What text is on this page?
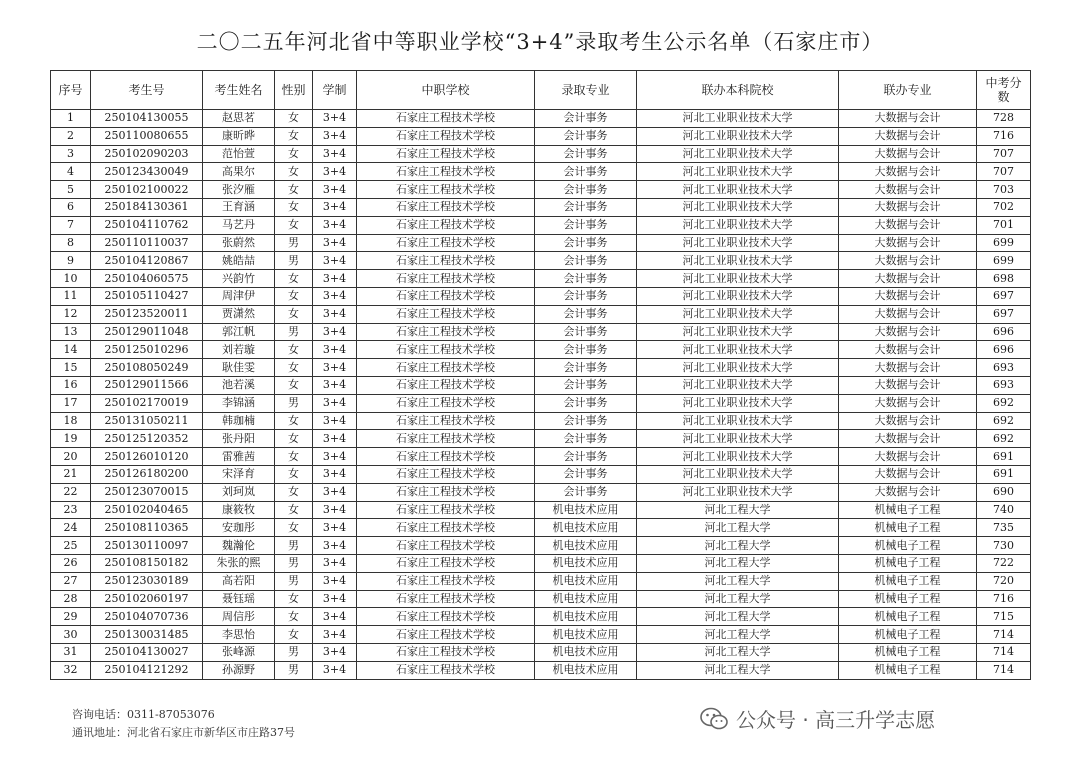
二〇二五年河北省中等职业学校“3+4”录取考生公示名单（石家庄市）
序号	考生号	考生姓名	性别	学制	中职学校	录取专业	联办本科院校	联办专业	中考分数
1	250104130055	赵思茗	女	3+4	石家庄工程技术学校	会计事务	河北工业职业技术大学	大数据与会计	728
2	250110080655	康昕晔	女	3+4	石家庄工程技术学校	会计事务	河北工业职业技术大学	大数据与会计	716
3	250102090203	范怡萱	女	3+4	石家庄工程技术学校	会计事务	河北工业职业技术大学	大数据与会计	707
4	250123430049	高果尔	女	3+4	石家庄工程技术学校	会计事务	河北工业职业技术大学	大数据与会计	707
5	250102100022	张汐雁	女	3+4	石家庄工程技术学校	会计事务	河北工业职业技术大学	大数据与会计	703
6	250184130361	王育涵	女	3+4	石家庄工程技术学校	会计事务	河北工业职业技术大学	大数据与会计	702
7	250104110762	马艺丹	女	3+4	石家庄工程技术学校	会计事务	河北工业职业技术大学	大数据与会计	701
8	250110110037	张蔚然	男	3+4	石家庄工程技术学校	会计事务	河北工业职业技术大学	大数据与会计	699
9	250104120867	姚皓喆	男	3+4	石家庄工程技术学校	会计事务	河北工业职业技术大学	大数据与会计	699
10	250104060575	兴韵竹	女	3+4	石家庄工程技术学校	会计事务	河北工业职业技术大学	大数据与会计	698
11	250105110427	周津伊	女	3+4	石家庄工程技术学校	会计事务	河北工业职业技术大学	大数据与会计	697
12	250123520011	贾潇然	女	3+4	石家庄工程技术学校	会计事务	河北工业职业技术大学	大数据与会计	697
13	250129011048	郭江帆	男	3+4	石家庄工程技术学校	会计事务	河北工业职业技术大学	大数据与会计	696
14	250125010296	刘若璇	女	3+4	石家庄工程技术学校	会计事务	河北工业职业技术大学	大数据与会计	696
15	250108050249	耿佳雯	女	3+4	石家庄工程技术学校	会计事务	河北工业职业技术大学	大数据与会计	693
16	250129011566	池若溪	女	3+4	石家庄工程技术学校	会计事务	河北工业职业技术大学	大数据与会计	693
17	250102170019	李锦涵	男	3+4	石家庄工程技术学校	会计事务	河北工业职业技术大学	大数据与会计	692
18	250131050211	韩珈楠	女	3+4	石家庄工程技术学校	会计事务	河北工业职业技术大学	大数据与会计	692
19	250125120352	张丹阳	女	3+4	石家庄工程技术学校	会计事务	河北工业职业技术大学	大数据与会计	692
20	250126010120	雷雅茜	女	3+4	石家庄工程技术学校	会计事务	河北工业职业技术大学	大数据与会计	691
21	250126180200	宋泽育	女	3+4	石家庄工程技术学校	会计事务	河北工业职业技术大学	大数据与会计	691
22	250123070015	刘珂岚	女	3+4	石家庄工程技术学校	会计事务	河北工业职业技术大学	大数据与会计	690
23	250102040465	康筱牧	女	3+4	石家庄工程技术学校	机电技术应用	河北工程大学	机械电子工程	740
24	250108110365	安珈彤	女	3+4	石家庄工程技术学校	机电技术应用	河北工程大学	机械电子工程	735
25	250130110097	魏瀚伦	男	3+4	石家庄工程技术学校	机电技术应用	河北工程大学	机械电子工程	730
26	250108150182	朱张的熙	男	3+4	石家庄工程技术学校	机电技术应用	河北工程大学	机械电子工程	722
27	250123030189	高若阳	男	3+4	石家庄工程技术学校	机电技术应用	河北工程大学	机械电子工程	720
28	250102060197	聂钰瑶	女	3+4	石家庄工程技术学校	机电技术应用	河北工程大学	机械电子工程	716
29	250104070736	周信彤	女	3+4	石家庄工程技术学校	机电技术应用	河北工程大学	机械电子工程	715
30	250130031485	李思怡	女	3+4	石家庄工程技术学校	机电技术应用	河北工程大学	机械电子工程	714
31	250104130027	张峰源	男	3+4	石家庄工程技术学校	机电技术应用	河北工程大学	机械电子工程	714
32	250104121292	孙源野	男	3+4	石家庄工程技术学校	机电技术应用	河北工程大学	机械电子工程	714
咨询电话：0311-87053076
通讯地址：河北省石家庄市新华区市庄路37号
公众号 · 高三升学志愿
